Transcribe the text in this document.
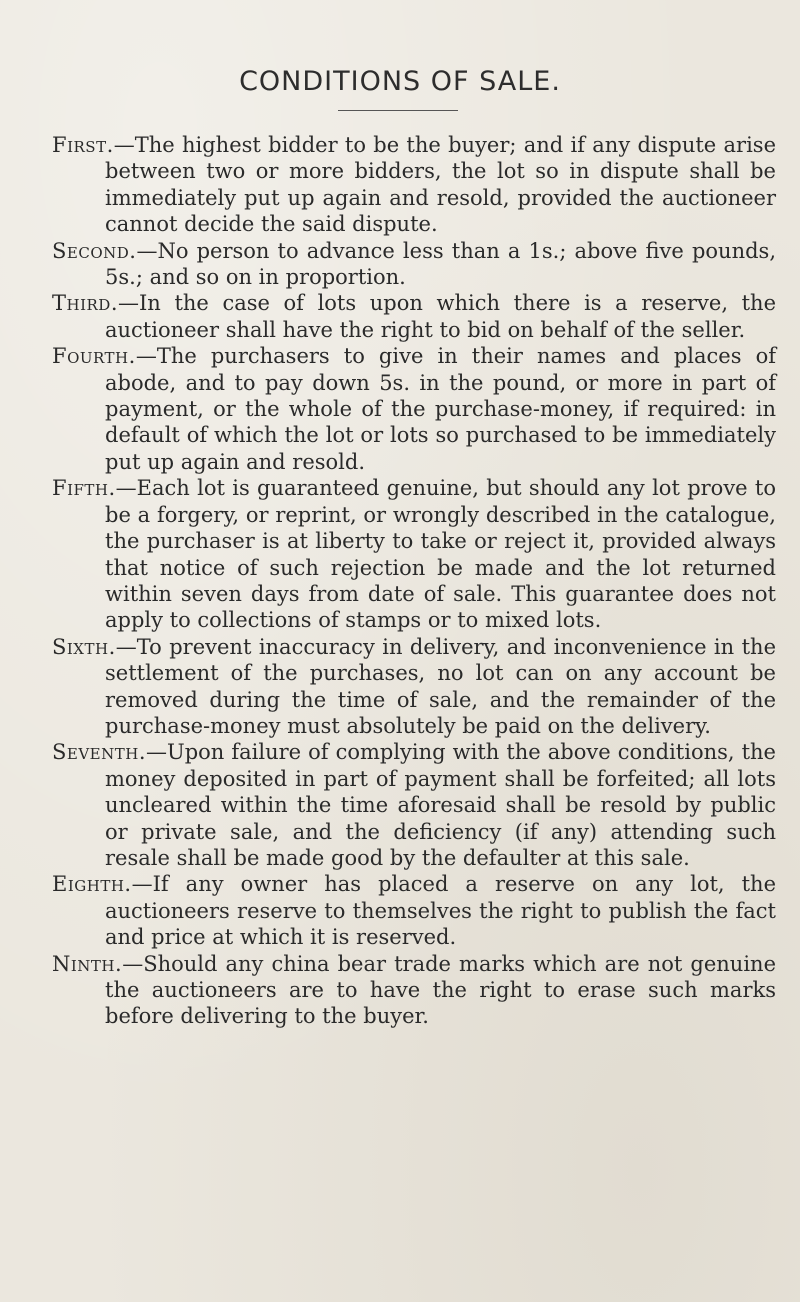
CONDITIONS OF SALE.
First.—The highest bidder to be the buyer; and if any dispute arise between two or more bidders, the lot so in dispute shall be immediately put up again and resold, provided the auctioneer cannot decide the said dispute.
Second.—No person to advance less than a 1s.; above five pounds, 5s.; and so on in proportion.
Third.—In the case of lots upon which there is a reserve, the auctioneer shall have the right to bid on behalf of the seller.
Fourth.—The purchasers to give in their names and places of abode, and to pay down 5s. in the pound, or more in part of payment, or the whole of the purchase-money, if required: in default of which the lot or lots so purchased to be immediately put up again and resold.
Fifth.—Each lot is guaranteed genuine, but should any lot prove to be a forgery, or reprint, or wrongly described in the catalogue, the purchaser is at liberty to take or reject it, provided always that notice of such rejection be made and the lot returned within seven days from date of sale. This guarantee does not apply to collections of stamps or to mixed lots.
Sixth.—To prevent inaccuracy in delivery, and inconvenience in the settlement of the purchases, no lot can on any account be removed during the time of sale, and the remainder of the purchase-money must absolutely be paid on the delivery.
Seventh.—Upon failure of complying with the above conditions, the money deposited in part of payment shall be forfeited; all lots uncleared within the time aforesaid shall be resold by public or private sale, and the deficiency (if any) attending such resale shall be made good by the defaulter at this sale.
Eighth.—If any owner has placed a reserve on any lot, the auctioneers reserve to themselves the right to publish the fact and price at which it is reserved.
Ninth.—Should any china bear trade marks which are not genuine the auctioneers are to have the right to erase such marks before delivering to the buyer.
